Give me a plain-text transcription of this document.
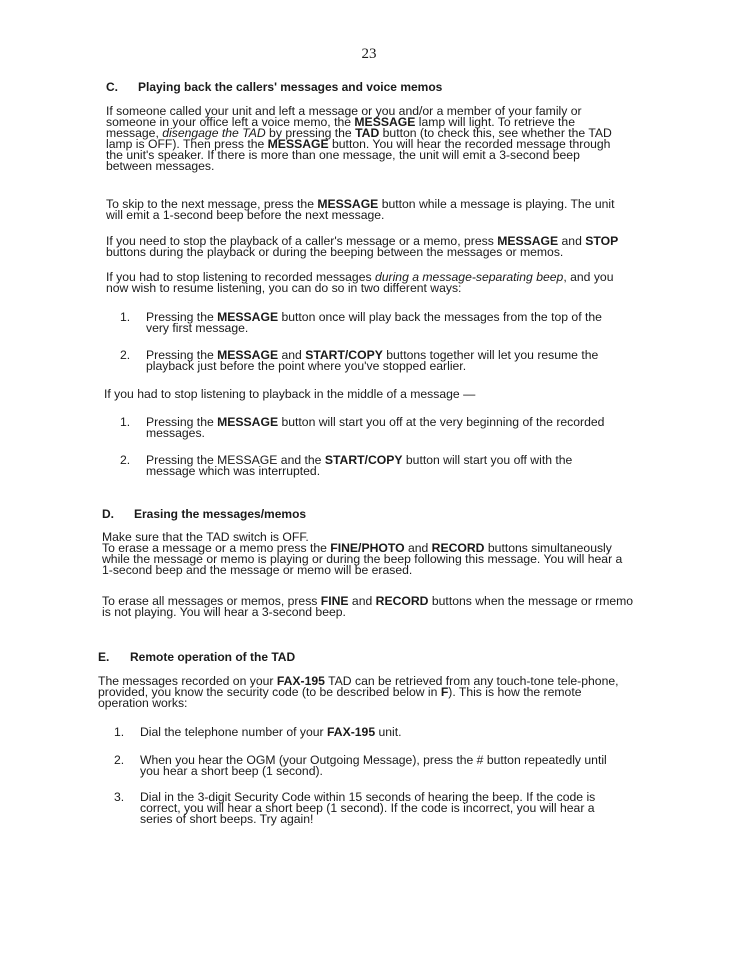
23
C. Playing back the callers' messages and voice memos
If someone called your unit and left a message or you and/or a member of your family or
someone in your office left a voice memo, the MESSAGE lamp will light. To retrieve the
message, disengage the TAD by pressing the TAD button (to check this, see whether the TAD
lamp is OFF). Then press the MESSAGE button. You will hear the recorded message through
the unit's speaker. If there is more than one message, the unit will emit a 3-second beep
between messages.
To skip to the next message, press the MESSAGE button while a message is playing. The unit
will emit a 1-second beep before the next message.
If you need to stop the playback of a caller's message or a memo, press MESSAGE and STOP
buttons during the playback or during the beeping between the messages or memos.
If you had to stop listening to recorded messages during a message-separating beep, and you
now wish to resume listening, you can do so in two different ways:
1. Pressing the MESSAGE button once will play back the messages from the top of the
very first message.
2. Pressing the MESSAGE and START/COPY buttons together will let you resume the
playback just before the point where you've stopped earlier.
If you had to stop listening to playback in the middle of a message —
1. Pressing the MESSAGE button will start you off at the very beginning of the recorded
messages.
2. Pressing the MESSAGE and the START/COPY button will start you off with the
message which was interrupted.
D. Erasing the messages/memos
Make sure that the TAD switch is OFF.
To erase a message or a memo press the FINE/PHOTO and RECORD buttons simultaneously
while the message or memo is playing or during the beep following this message. You will hear a
1-second beep and the message or memo will be erased.
To erase all messages or memos, press FINE and RECORD buttons when the message or rmemo
is not playing. You will hear a 3-second beep.
E. Remote operation of the TAD
The messages recorded on your FAX-195 TAD can be retrieved from any touch-tone tele-phone,
provided, you know the security code (to be described below in F). This is how the remote
operation works:
1. Dial the telephone number of your FAX-195 unit.
2. When you hear the OGM (your Outgoing Message), press the # button repeatedly until
you hear a short beep (1 second).
3. Dial in the 3-digit Security Code within 15 seconds of hearing the beep. If the code is
correct, you will hear a short beep (1 second). If the code is incorrect, you will hear a
series of short beeps. Try again!
